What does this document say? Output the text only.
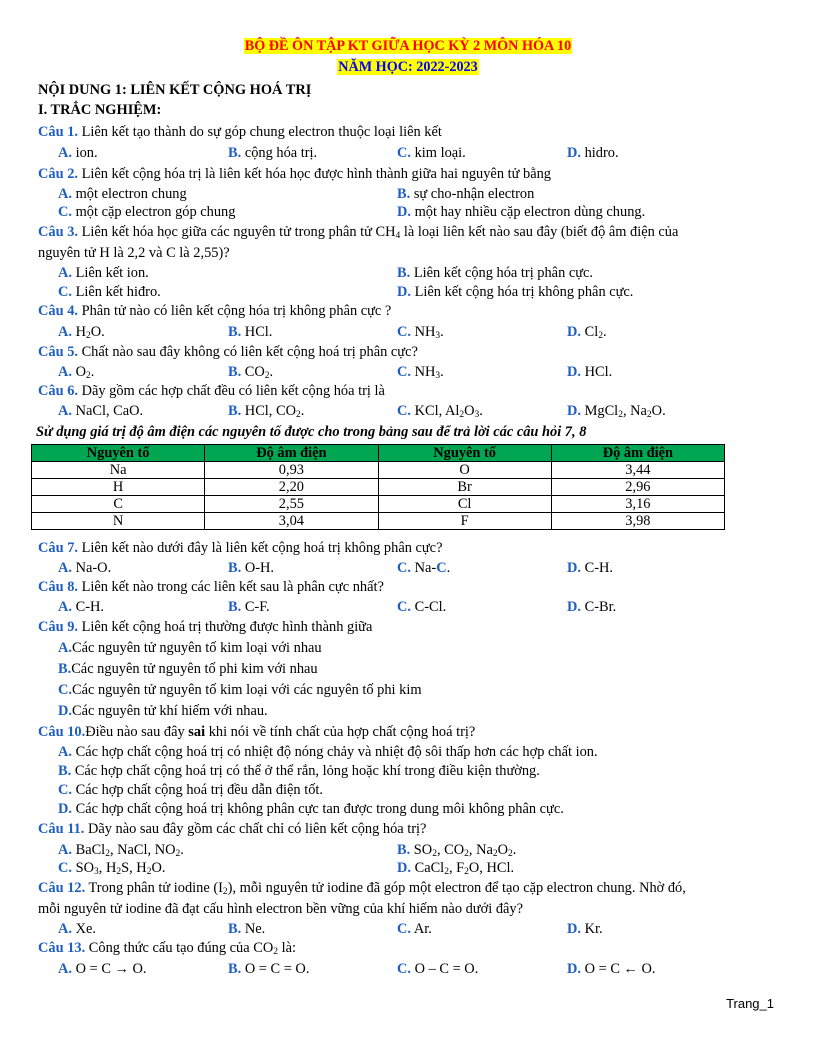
BỘ ĐỀ ÔN TẬP KT GIỮA HỌC KỲ 2 MÔN HÓA 10
NĂM HỌC: 2022-2023
NỘI DUNG 1: LIÊN KẾT CỘNG HOÁ TRỊ
I. TRẮC NGHIỆM:
Câu 1. Liên kết tạo thành do sự góp chung electron thuộc loại liên kết
A. ion.	B. cộng hóa trị.	C. kim loại.	D. hidro.
Câu 2. Liên kết cộng hóa trị là liên kết hóa học được hình thành giữa hai nguyên tử bằng
A. một electron chung	B. sự cho-nhận electron
C. một cặp electron góp chung	D. một hay nhiều cặp electron dùng chung.
Câu 3. Liên kết hóa học giữa các nguyên tử trong phân tử $CH_4$ là loại liên kết nào sau đây (biết độ âm điện của
nguyên tử H là 2,2 và C là 2,55)?
A. Liên kết ion.	B. Liên kết cộng hóa trị phân cực.
C. Liên kết hiđro.	D. Liên kết cộng hóa trị không phân cực.
Câu 4. Phân tử nào có liên kết cộng hóa trị không phân cực ?
A. $H_2O$.	B. HCl.	C. $NH_3$.	D. $Cl_2$.
Câu 5. Chất nào sau đây không có liên kết cộng hoá trị phân cực?
A. $O_2$.	B. $CO_2$.	C. $NH_3$.	D. HCl.
Câu 6. Dãy gồm các hợp chất đều có liên kết cộng hóa trị là
A. NaCl, CaO.	B. HCl, $CO_2$.	C. KCl, $Al_2O_3$.	D. MgCl$_2$, $Na_2O$.
Sử dụng giá trị độ âm điện các nguyên tố được cho trong bảng sau để trả lời các câu hỏi 7, 8
Nguyên tố	Độ âm điện	Nguyên tố	Độ âm điện
Na	0,93	O	3,44
H	2,20	Br	2,96
C	2,55	Cl	3,16
N	3,04	F	3,98
Câu 7. Liên kết nào dưới đây là liên kết cộng hoá trị không phân cực?
A. Na-O.	B. O-H.	C. Na-C.	D. C-H.
Câu 8. Liên kết nào trong các liên kết sau là phân cực nhất?
A. C-H.	B. C-F.	C. C-Cl.	D. C-Br.
Câu 9. Liên kết cộng hoá trị thường được hình thành giữa
A.Các nguyên tử nguyên tố kim loại với nhau
B.Các nguyên tử nguyên tố phi kim với nhau
C.Các nguyên tử nguyên tố kim loại với các nguyên tố phi kim
D.Các nguyên tử khí hiếm với nhau.
Câu 10.Điều nào sau đây sai khi nói về tính chất của hợp chất cộng hoá trị?
A. Các hợp chất cộng hoá trị có nhiệt độ nóng chảy và nhiệt độ sôi thấp hơn các hợp chất ion.
B. Các hợp chất cộng hoá trị có thể ở thể rắn, lỏng hoặc khí trong điều kiện thường.
C. Các hợp chất cộng hoá trị đều dẫn điện tốt.
D. Các hợp chất cộng hoá trị không phân cực tan được trong dung môi không phân cực.
Câu 11. Dãy nào sau đây gồm các chất chỉ có liên kết cộng hóa trị?
A. BaCl$_2$, NaCl, $NO_2$.	B. $SO_2$, $CO_2$, $Na_2O_2$.
C. $SO_3$, $H_2S$, $H_2O$.	D. CaCl$_2$, $F_2O$, HCl.
Câu 12. Trong phân tử iodine $(I_2)$, mỗi nguyên tử iodine đã góp một electron để tạo cặp electron chung. Nhờ đó,
mỗi nguyên tử iodine đã đạt cấu hình electron bền vững của khí hiếm nào dưới đây?
A. Xe.	B. Ne.	C. Ar.	D. Kr.
Câu 13. Công thức cấu tạo đúng của $CO_2$ là:
A. O = C → O.	B. O = C = O.	C. O – C = O.	D. O = C ← O.
Trang_1
